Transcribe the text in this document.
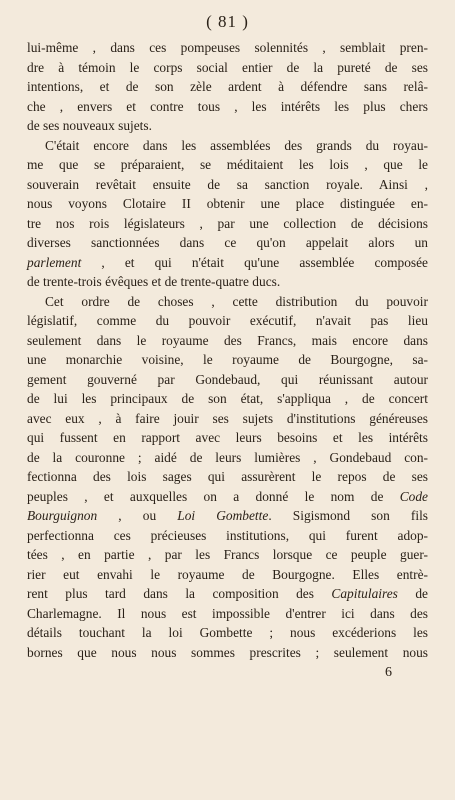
( 81 )
lui-même , dans ces pompeuses solennités , semblait pren-
dre à témoin le corps social entier de la pureté de ses
intentions, et de son zèle ardent à défendre sans relâ-
che , envers et contre tous , les intérêts les plus chers
de ses nouveaux sujets.
C'était encore dans les assemblées des grands du royau-
me que se préparaient, se méditaient les lois , que le
souverain revêtait ensuite de sa sanction royale. Ainsi ,
nous voyons Clotaire II obtenir une place distinguée en-
tre nos rois législateurs , par une collection de décisions
diverses sanctionnées dans ce qu'on appelait alors un
parlement , et qui n'était qu'une assemblée composée
de trente-trois évêques et de trente-quatre ducs.
Cet ordre de choses , cette distribution du pouvoir
législatif, comme du pouvoir exécutif, n'avait pas lieu
seulement dans le royaume des Francs, mais encore dans
une monarchie voisine, le royaume de Bourgogne, sa-
gement gouverné par Gondebaud, qui réunissant autour
de lui les principaux de son état, s'appliqua , de concert
avec eux , à faire jouir ses sujets d'institutions généreuses
qui fussent en rapport avec leurs besoins et les intérêts
de la couronne ; aidé de leurs lumières , Gondebaud con-
fectionna des lois sages qui assurèrent le repos de ses
peuples , et auxquelles on a donné le nom de Code
Bourguignon , ou Loi Gombette. Sigismond son fils
perfectionna ces précieuses institutions, qui furent adop-
tées , en partie , par les Francs lorsque ce peuple guer-
rier eut envahi le royaume de Bourgogne. Elles entrè-
rent plus tard dans la composition des Capitulaires de
Charlemagne. Il nous est impossible d'entrer ici dans des
détails touchant la loi Gombette ; nous excéderions les
bornes que nous nous sommes prescrites ; seulement nous
6
